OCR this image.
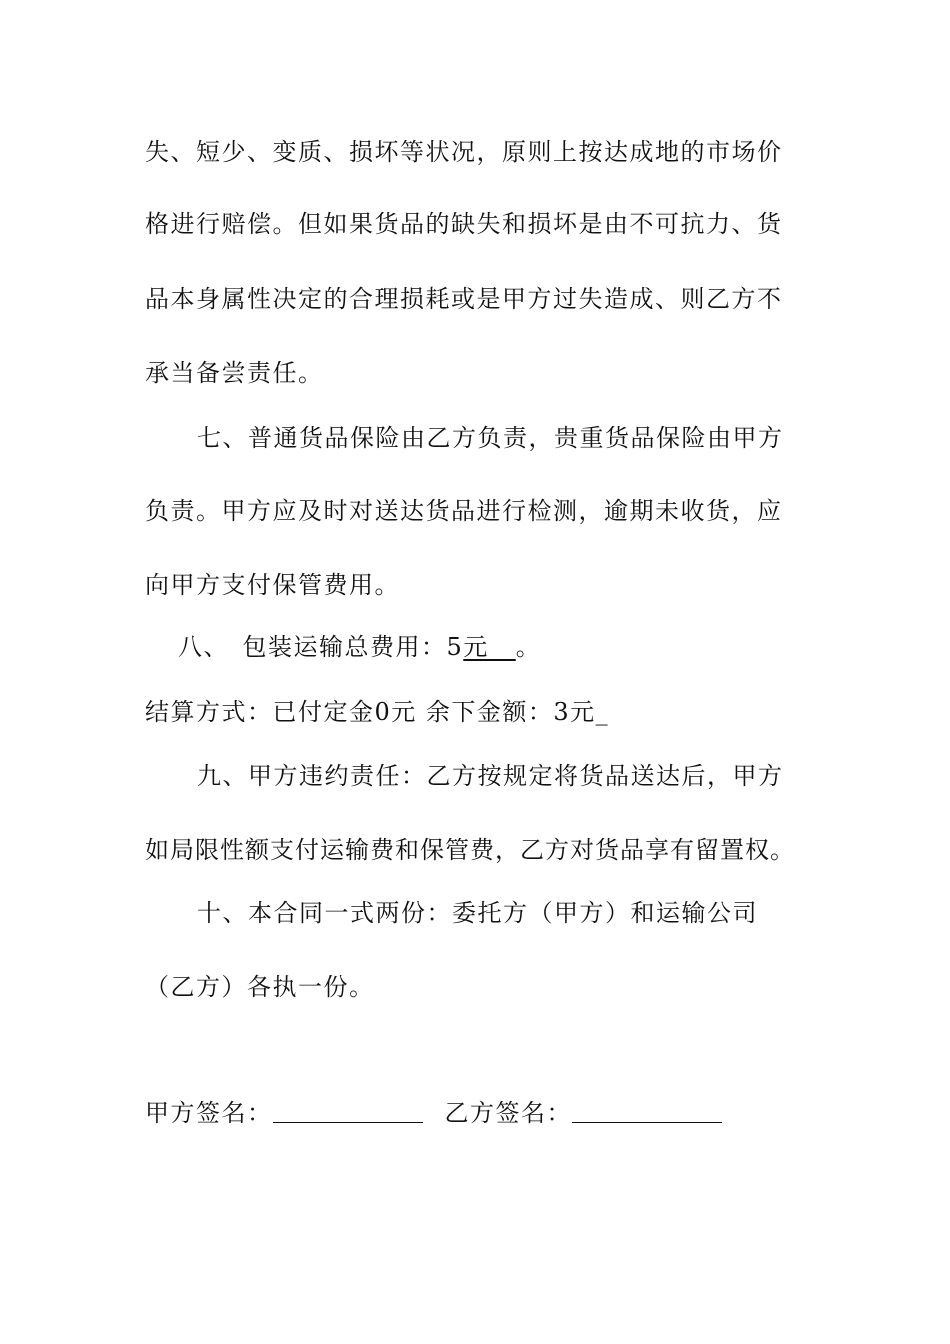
失、短少、变质、损坏等状况，原则上按达成地的市场价
格进行赔偿。但如果货品的缺失和损坏是由不可抗力、货
品本身属性决定的合理损耗或是甲方过失造成、则乙方不
承当备尝责任。
七、普通货品保险由乙方负责，贵重货品保险由甲方
负责。甲方应及时对送达货品进行检测，逾期未收货，应
向甲方支付保管费用。
八、　包装运输总费用：5元__。
结算方式：已付定金0元 余下金额：3元_
九、甲方违约责任：乙方按规定将货品送达后，甲方
如局限性额支付运输费和保管费，乙方对货品享有留置权。
十、本合同一式两份：委托方（甲方）和运输公司
（乙方）各执一份。
甲方签名：	乙方签名：
